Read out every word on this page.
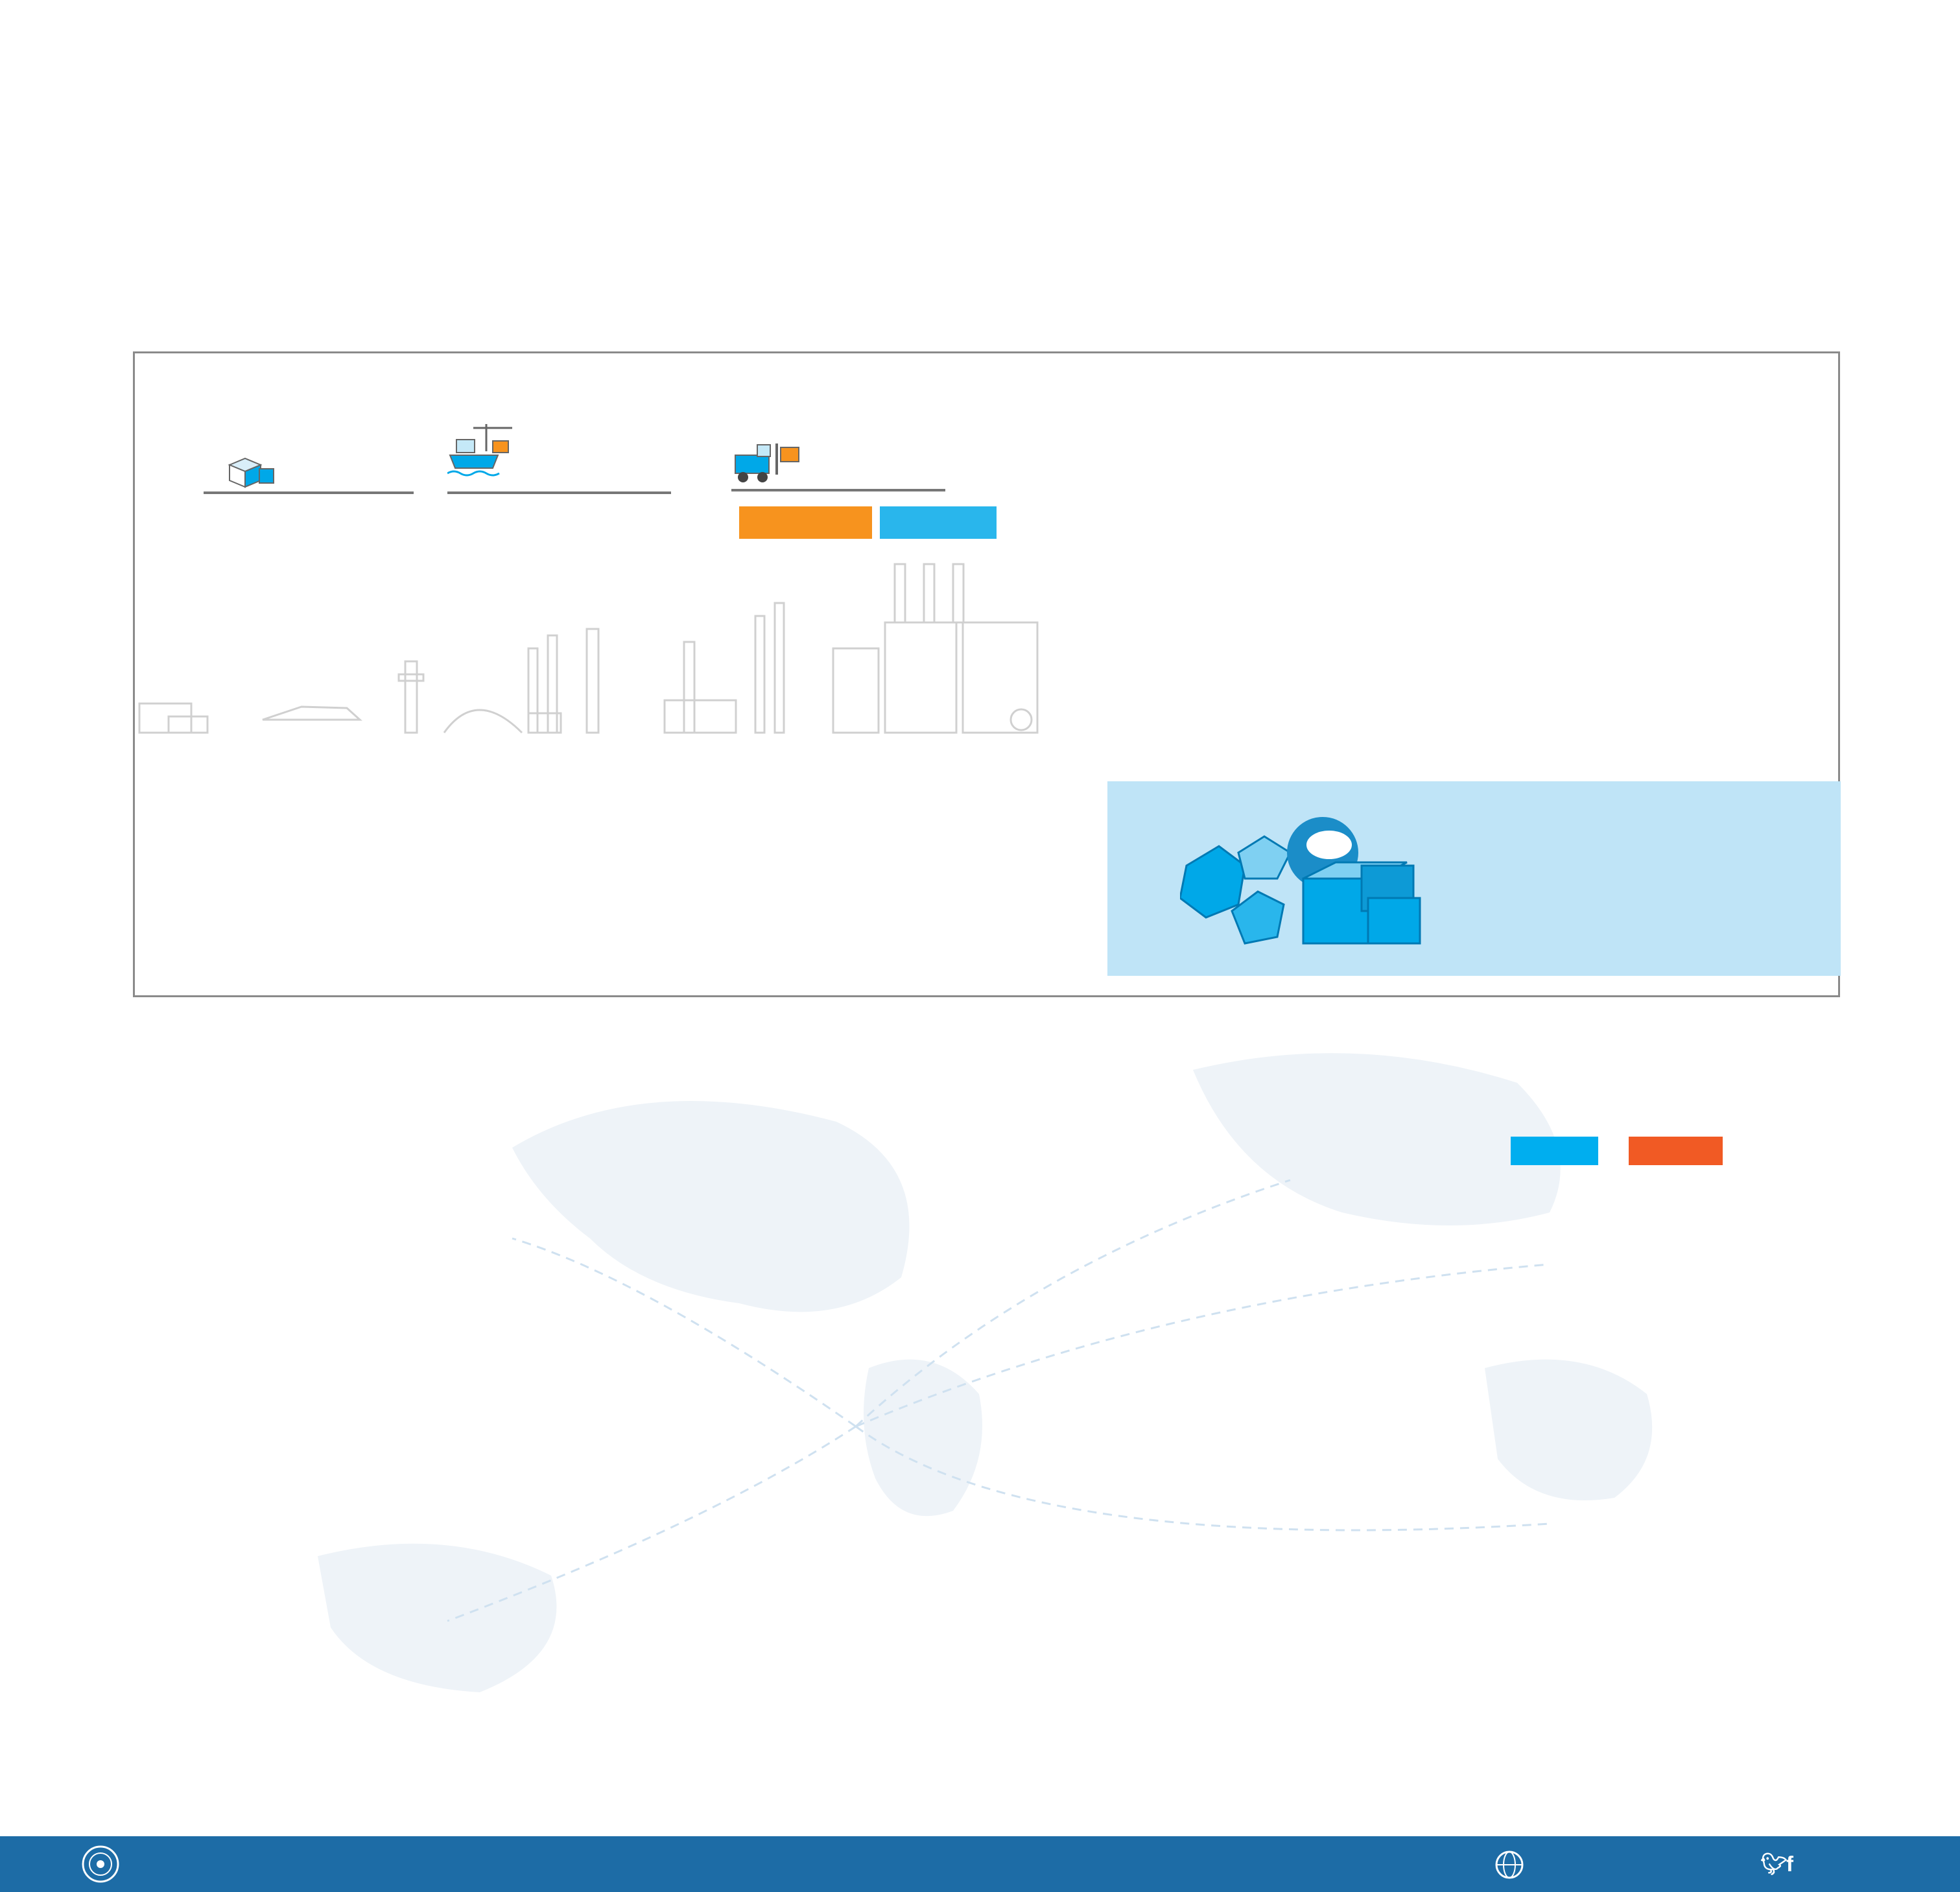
🐦︎
f
